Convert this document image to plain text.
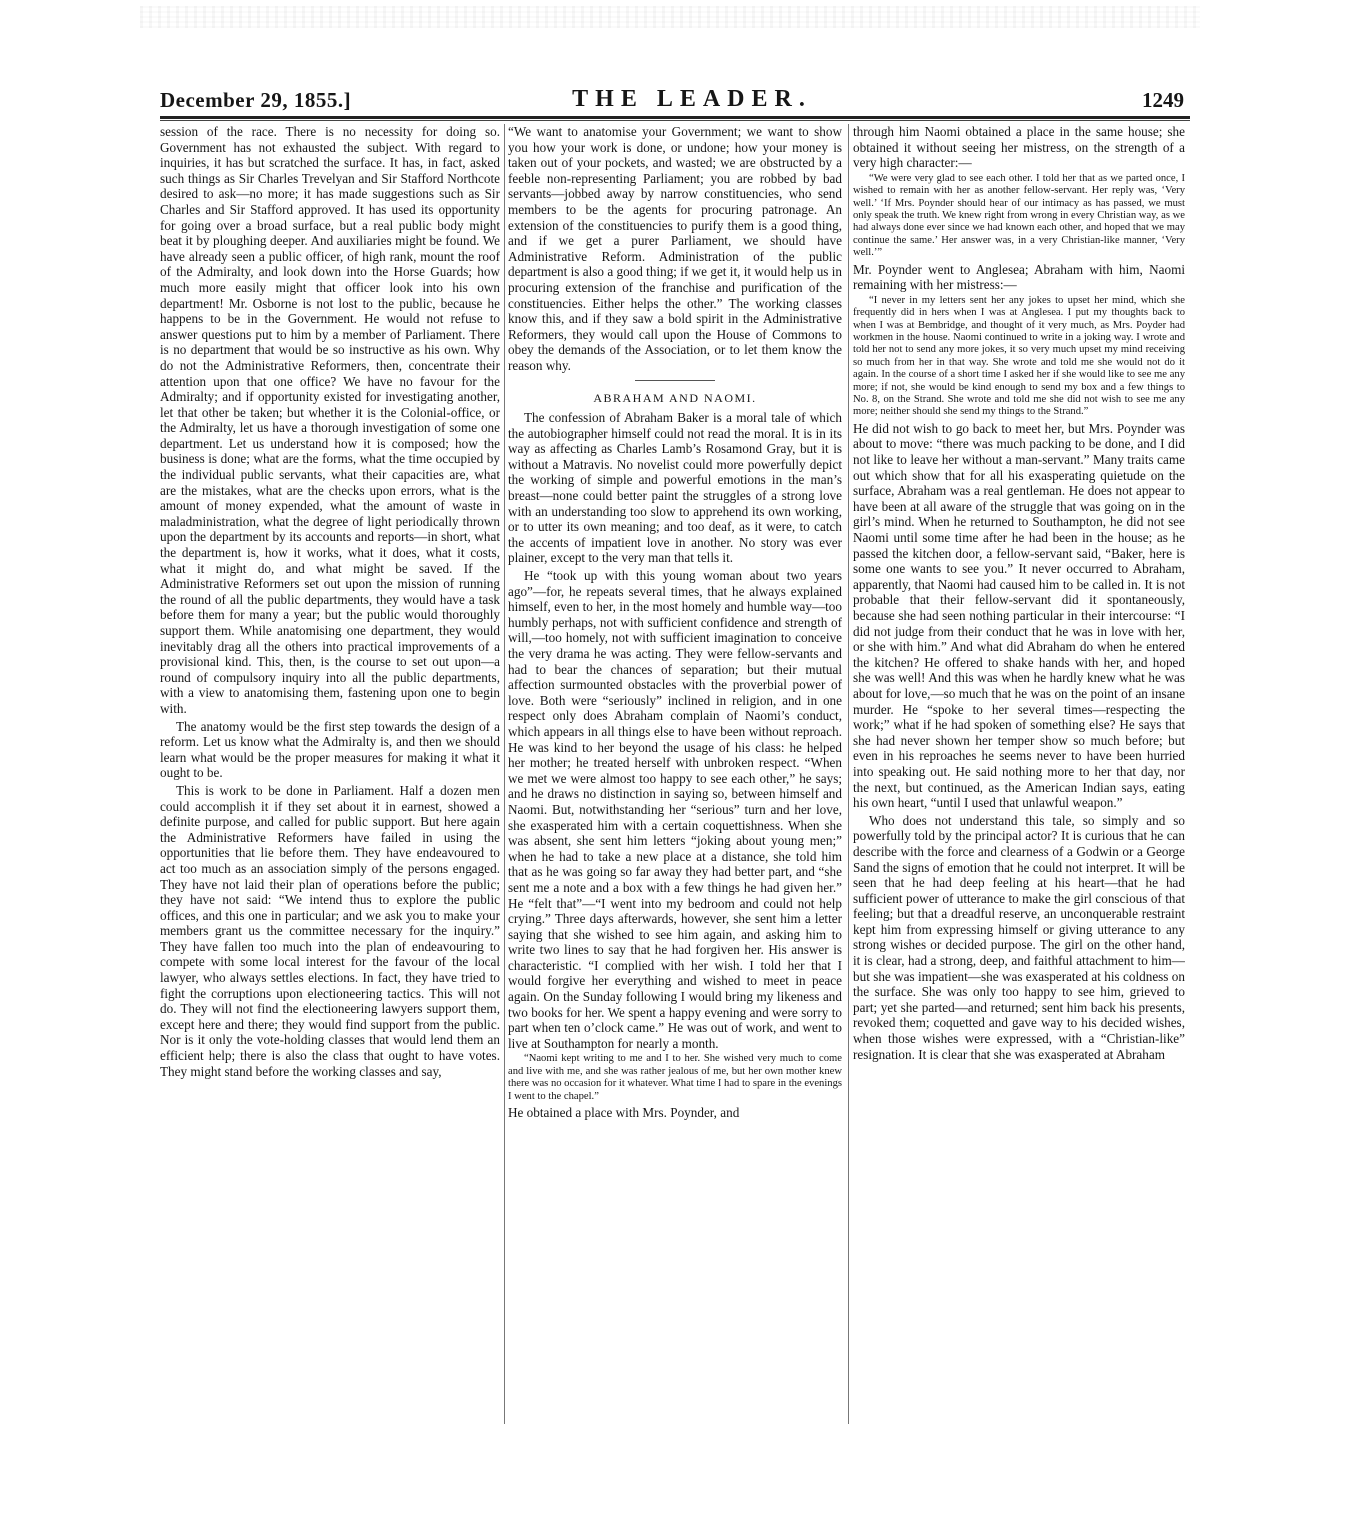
December 29, 1855.]	THE LEADER.	1249

session of the race. There is no necessity for doing so. Government has not exhausted the subject. With regard to inquiries, it has but scratched the surface. It has, in fact, asked such things as Sir Charles Trevelyan and Sir Stafford Northcote desired to ask—no more; it has made suggestions such as Sir Charles and Sir Stafford approved. It has used its opportunity for going over a broad surface, but a real public body might beat it by ploughing deeper. And auxiliaries might be found. We have already seen a public officer, of high rank, mount the roof of the Admiralty, and look down into the Horse Guards; how much more easily might that officer look into his own department! Mr. Osborne is not lost to the public, because he happens to be in the Government. He would not refuse to answer questions put to him by a member of Parliament. There is no department that would be so instructive as his own. Why do not the Administrative Reformers, then, concentrate their attention upon that one office? We have no favour for the Admiralty; and if opportunity existed for investigating another, let that other be taken; but whether it is the Colonial-office, or the Admiralty, let us have a thorough investigation of some one department. Let us understand how it is composed; how the business is done; what are the forms, what the time occupied by the individual public servants, what their capacities are, what are the mistakes, what are the checks upon errors, what is the amount of money expended, what the amount of waste in maladministration, what the degree of light periodically thrown upon the department by its accounts and reports—in short, what the department is, how it works, what it does, what it costs, what it might do, and what might be saved. If the Administrative Reformers set out upon the mission of running the round of all the public departments, they would have a task before them for many a year; but the public would thoroughly support them. While anatomising one department, they would inevitably drag all the others into practical improvements of a provisional kind. This, then, is the course to set out upon—a round of compulsory inquiry into all the public departments, with a view to anatomising them, fastening upon one to begin with.

The anatomy would be the first step towards the design of a reform. Let us know what the Admiralty is, and then we should learn what would be the proper measures for making it what it ought to be.

This is work to be done in Parliament. Half a dozen men could accomplish it if they set about it in earnest, showed a definite purpose, and called for public support. But here again the Administrative Reformers have failed in using the opportunities that lie before them. They have endeavoured to act too much as an association simply of the persons engaged. They have not laid their plan of operations before the public; they have not said: “We intend thus to explore the public offices, and this one in particular; and we ask you to make your members grant us the committee necessary for the inquiry.” They have fallen too much into the plan of endeavouring to compete with some local interest for the favour of the local lawyer, who always settles elections. In fact, they have tried to fight the corruptions upon electioneering tactics. This will not do. They will not find the electioneering lawyers support them, except here and there; they would find support from the public. Nor is it only the vote-holding classes that would lend them an efficient help; there is also the class that ought to have votes. They might stand before the working classes and say,

“We want to anatomise your Government; we want to show you how your work is done, or undone; how your money is taken out of your pockets, and wasted; we are obstructed by a feeble non-representing Parliament; you are robbed by bad servants—jobbed away by narrow constituencies, who send members to be the agents for procuring patronage. An extension of the constituencies to purify them is a good thing, and if we get a purer Parliament, we should have Administrative Reform. Administration of the public department is also a good thing; if we get it, it would help us in procuring extension of the franchise and purification of the constituencies. Either helps the other.” The working classes know this, and if they saw a bold spirit in the Administrative Reformers, they would call upon the House of Commons to obey the demands of the Association, or to let them know the reason why.

ABRAHAM AND NAOMI.

The confession of Abraham Baker is a moral tale of which the autobiographer himself could not read the moral. It is in its way as affecting as Charles Lamb’s Rosamond Gray, but it is without a Matravis. No novelist could more powerfully depict the working of simple and powerful emotions in the man’s breast—none could better paint the struggles of a strong love with an understanding too slow to apprehend its own working, or to utter its own meaning; and too deaf, as it were, to catch the accents of impatient love in another. No story was ever plainer, except to the very man that tells it.

He “took up with this young woman about two years ago”—for, he repeats several times, that he always explained himself, even to her, in the most homely and humble way—too humbly perhaps, not with sufficient confidence and strength of will,—too homely, not with sufficient imagination to conceive the very drama he was acting. They were fellow-servants and had to bear the chances of separation; but their mutual affection surmounted obstacles with the proverbial power of love. Both were “seriously” inclined in religion, and in one respect only does Abraham complain of Naomi’s conduct, which appears in all things else to have been without reproach. He was kind to her beyond the usage of his class: he helped her mother; he treated herself with unbroken respect. “When we met we were almost too happy to see each other,” he says; and he draws no distinction in saying so, between himself and Naomi. But, notwithstanding her “serious” turn and her love, she exasperated him with a certain coquettishness. When she was absent, she sent him letters “joking about young men;” when he had to take a new place at a distance, she told him that as he was going so far away they had better part, and “she sent me a note and a box with a few things he had given her.” He “felt that”—“I went into my bedroom and could not help crying.” Three days afterwards, however, she sent him a letter saying that she wished to see him again, and asking him to write two lines to say that he had forgiven her. His answer is characteristic. “I complied with her wish. I told her that I would forgive her everything and wished to meet in peace again. On the Sunday following I would bring my likeness and two books for her. We spent a happy evening and were sorry to part when ten o’clock came.” He was out of work, and went to live at Southampton for nearly a month.

“Naomi kept writing to me and I to her. She wished very much to come and live with me, and she was rather jealous of me, but her own mother knew there was no occasion for it whatever. What time I had to spare in the evenings I went to the chapel.”

He obtained a place with Mrs. Poynder, and

through him Naomi obtained a place in the same house; she obtained it without seeing her mistress, on the strength of a very high character:—

“We were very glad to see each other. I told her that as we parted once, I wished to remain with her as another fellow-servant. Her reply was, ‘Very well.’ ‘If Mrs. Poynder should hear of our intimacy as has passed, we must only speak the truth. We knew right from wrong in every Christian way, as we had always done ever since we had known each other, and hoped that we may continue the same.’ Her answer was, in a very Christian-like manner, ‘Very well.’”

Mr. Poynder went to Anglesea; Abraham with him, Naomi remaining with her mistress:—

“I never in my letters sent her any jokes to upset her mind, which she frequently did in hers when I was at Anglesea. I put my thoughts back to when I was at Bembridge, and thought of it very much, as Mrs. Poyder had workmen in the house. Naomi continued to write in a joking way. I wrote and told her not to send any more jokes, it so very much upset my mind receiving so much from her in that way. She wrote and told me she would not do it again. In the course of a short time I asked her if she would like to see me any more; if not, she would be kind enough to send my box and a few things to No. 8, on the Strand. She wrote and told me she did not wish to see me any more; neither should she send my things to the Strand.”

He did not wish to go back to meet her, but Mrs. Poynder was about to move: “there was much packing to be done, and I did not like to leave her without a man-servant.” Many traits came out which show that for all his exasperating quietude on the surface, Abraham was a real gentleman. He does not appear to have been at all aware of the struggle that was going on in the girl’s mind. When he returned to Southampton, he did not see Naomi until some time after he had been in the house; as he passed the kitchen door, a fellow-servant said, “Baker, here is some one wants to see you.” It never occurred to Abraham, apparently, that Naomi had caused him to be called in. It is not probable that their fellow-servant did it spontaneously, because she had seen nothing particular in their intercourse: “I did not judge from their conduct that he was in love with her, or she with him.” And what did Abraham do when he entered the kitchen? He offered to shake hands with her, and hoped she was well! And this was when he hardly knew what he was about for love,—so much that he was on the point of an insane murder. He “spoke to her several times—respecting the work;” what if he had spoken of something else? He says that she had never shown her temper show so much before; but even in his reproaches he seems never to have been hurried into speaking out. He said nothing more to her that day, nor the next, but continued, as the American Indian says, eating his own heart, “until I used that unlawful weapon.”

Who does not understand this tale, so simply and so powerfully told by the principal actor? It is curious that he can describe with the force and clearness of a Godwin or a George Sand the signs of emotion that he could not interpret. It will be seen that he had deep feeling at his heart—that he had sufficient power of utterance to make the girl conscious of that feeling; but that a dreadful reserve, an unconquerable restraint kept him from expressing himself or giving utterance to any strong wishes or decided purpose. The girl on the other hand, it is clear, had a strong, deep, and faithful attachment to him—but she was impatient—she was exasperated at his coldness on the surface. She was only too happy to see him, grieved to part; yet she parted—and returned; sent him back his presents, revoked them; coquetted and gave way to his decided wishes, when those wishes were expressed, with a “Christian-like” resignation. It is clear that she was exasperated at Abraham
